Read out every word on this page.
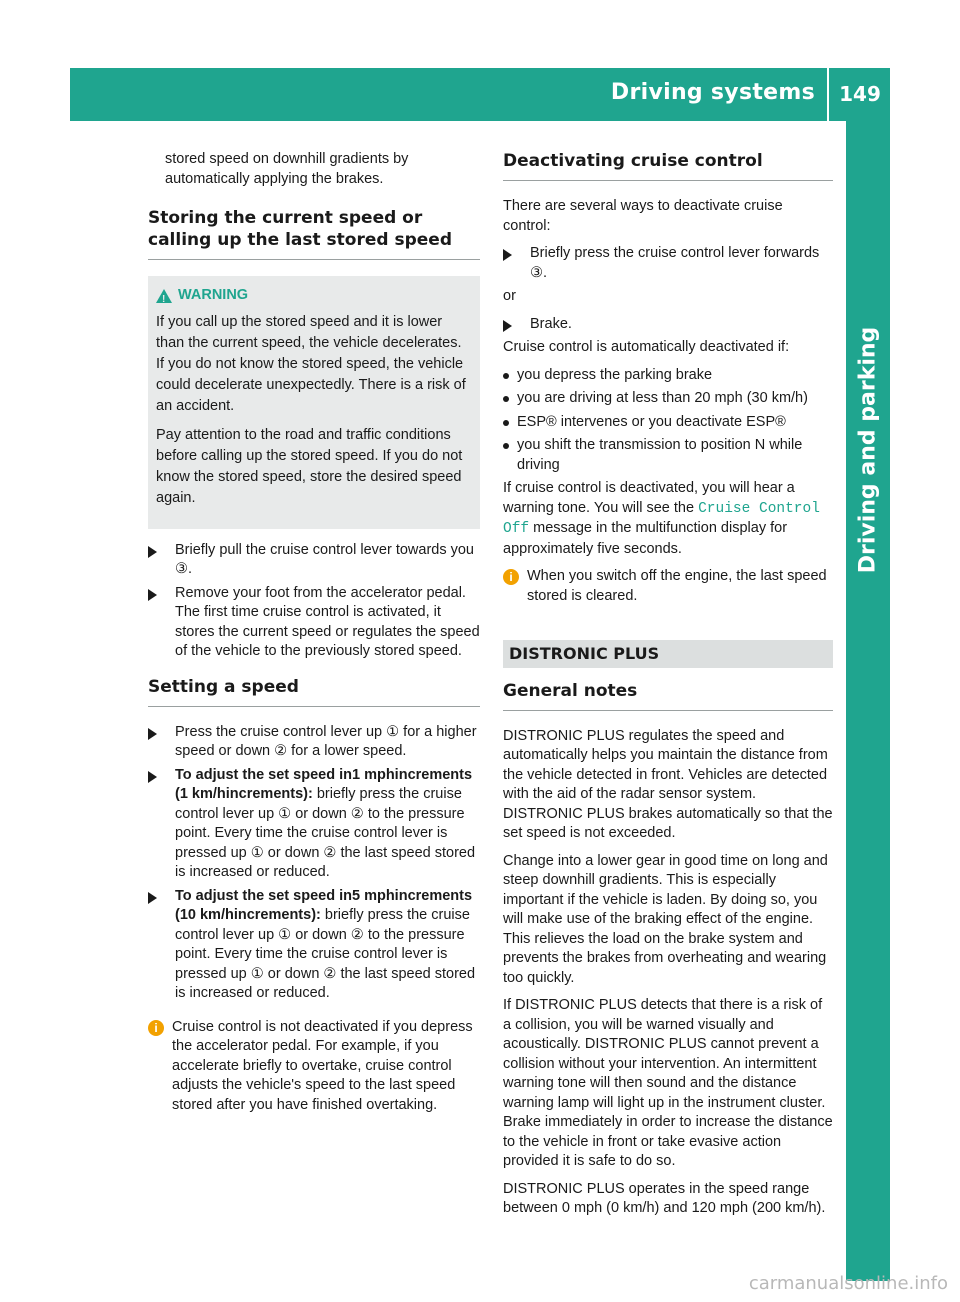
Driving systems 149
Driving and parking

stored speed on downhill gradients by automatically applying the brakes.

Storing the current speed or calling up the last stored speed
!
WARNING

If you call up the stored speed and it is lower than the current speed, the vehicle decelerates. If you do not know the stored speed, the vehicle could decelerate unexpectedly. There is a risk of an accident.

Pay attention to the road and traffic conditions before calling up the stored speed. If you do not know the stored speed, store the desired speed again.

Briefly pull the cruise control lever towards you ③.
Remove your foot from the accelerator pedal. The first time cruise control is activated, it stores the current speed or regulates the speed of the vehicle to the previously stored speed.
Setting a speed
Press the cruise control lever up ① for a higher speed or down ② for a lower speed.
To adjust the set speed in1 mphincrements (1 km/hincrements): briefly press the cruise control lever up ① or down ② to the pressure point. Every time the cruise control lever is pressed up ① or down ② the last speed stored is increased or reduced.
To adjust the set speed in5 mphincrements (10 km/hincrements): briefly press the cruise control lever up ① or down ② to the pressure point. Every time the cruise control lever is pressed up ① or down ② the last speed stored is increased or reduced.
i Cruise control is not deactivated if you depress the accelerator pedal. For example, if you accelerate briefly to overtake, cruise control adjusts the vehicle's speed to the last speed stored after you have finished overtaking.
Deactivating cruise control

There are several ways to deactivate cruise control:

Briefly press the cruise control lever forwards ③.

or

Brake.

Cruise control is automatically deactivated if:

you depress the parking brake
you are driving at less than 20 mph (30 km/h)
ESP® intervenes or you deactivate ESP®
you shift the transmission to position N while driving

If cruise control is deactivated, you will hear a warning tone. You will see the Cruise Control Off message in the multifunction display for approximately five seconds.

i When you switch off the engine, the last speed stored is cleared.
DISTRONIC PLUS
General notes

DISTRONIC PLUS regulates the speed and automatically helps you maintain the distance from the vehicle detected in front. Vehicles are detected with the aid of the radar sensor system. DISTRONIC PLUS brakes automatically so that the set speed is not exceeded.

Change into a lower gear in good time on long and steep downhill gradients. This is especially important if the vehicle is laden. By doing so, you will make use of the braking effect of the engine. This relieves the load on the brake system and prevents the brakes from overheating and wearing too quickly.

If DISTRONIC PLUS detects that there is a risk of a collision, you will be warned visually and acoustically. DISTRONIC PLUS cannot prevent a collision without your intervention. An intermittent warning tone will then sound and the distance warning lamp will light up in the instrument cluster. Brake immediately in order to increase the distance to the vehicle in front or take evasive action provided it is safe to do so.

DISTRONIC PLUS operates in the speed range between 0 mph (0 km/h) and 120 mph (200 km/h).

carmanualsonline.info
